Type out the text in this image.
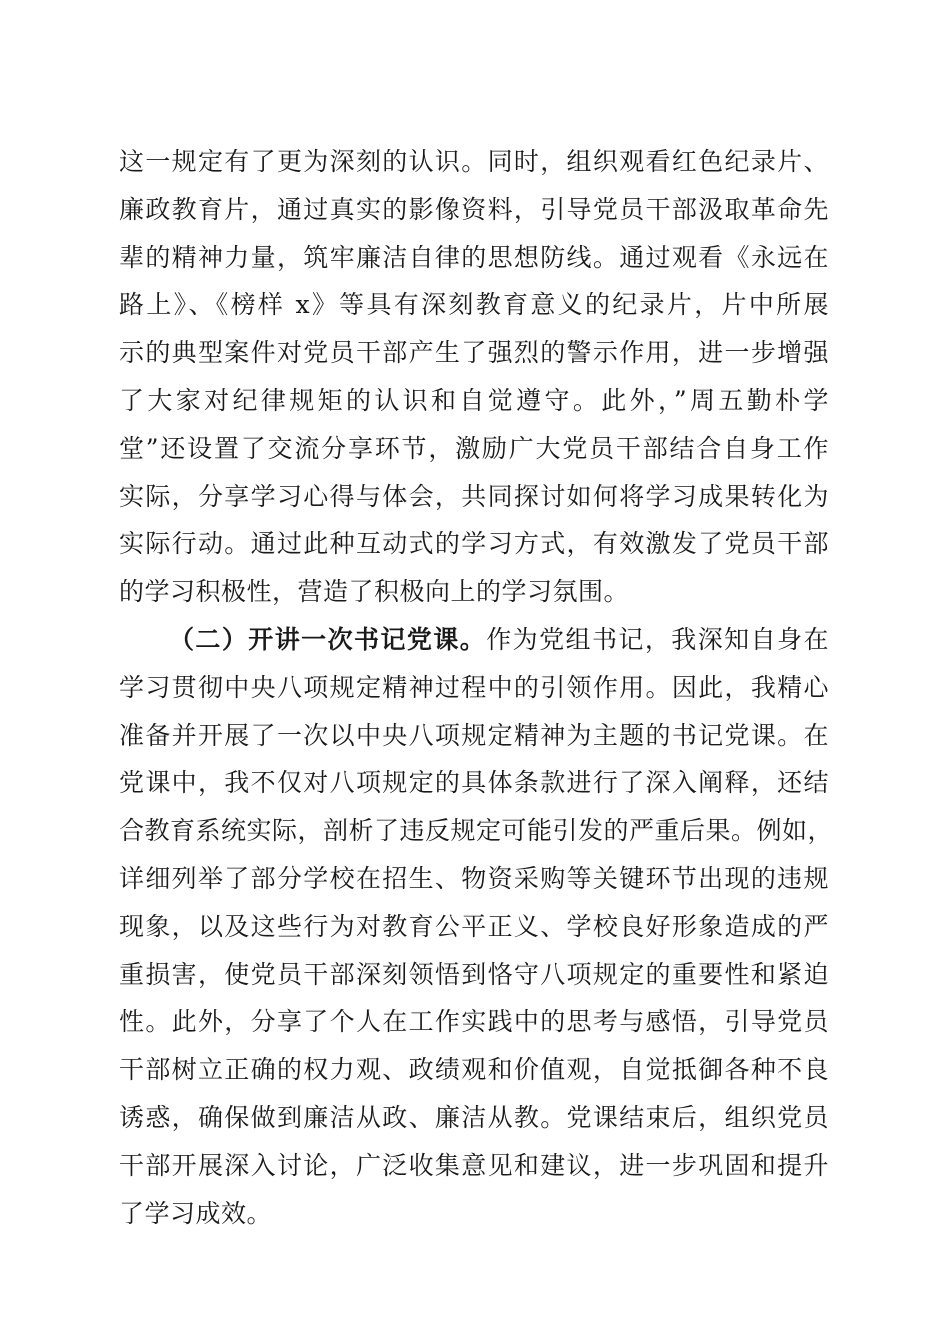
这一规定有了更为深刻的认识。同时，组织观看红色纪录片、
廉政教育片，通过真实的影像资料，引导党员干部汲取革命先
辈的精神力量，筑牢廉洁自律的思想防线。通过观看《永远在
路上》、《榜样 x》等具有深刻教育意义的纪录片，片中所展
示的典型案件对党员干部产生了强烈的警示作用，进一步增强
了大家对纪律规矩的认识和自觉遵守。此外，”周五勤朴学
堂”还设置了交流分享环节，激励广大党员干部结合自身工作
实际，分享学习心得与体会，共同探讨如何将学习成果转化为
实际行动。通过此种互动式的学习方式，有效激发了党员干部
的学习积极性，营造了积极向上的学习氛围。
（二）开讲一次书记党课。作为党组书记，我深知自身在
学习贯彻中央八项规定精神过程中的引领作用。因此，我精心
准备并开展了一次以中央八项规定精神为主题的书记党课。在
党课中，我不仅对八项规定的具体条款进行了深入阐释，还结
合教育系统实际，剖析了违反规定可能引发的严重后果。例如，
详细列举了部分学校在招生、物资采购等关键环节出现的违规
现象，以及这些行为对教育公平正义、学校良好形象造成的严
重损害，使党员干部深刻领悟到恪守八项规定的重要性和紧迫
性。此外，分享了个人在工作实践中的思考与感悟，引导党员
干部树立正确的权力观、政绩观和价值观，自觉抵御各种不良
诱惑，确保做到廉洁从政、廉洁从教。党课结束后，组织党员
干部开展深入讨论，广泛收集意见和建议，进一步巩固和提升
了学习成效。
